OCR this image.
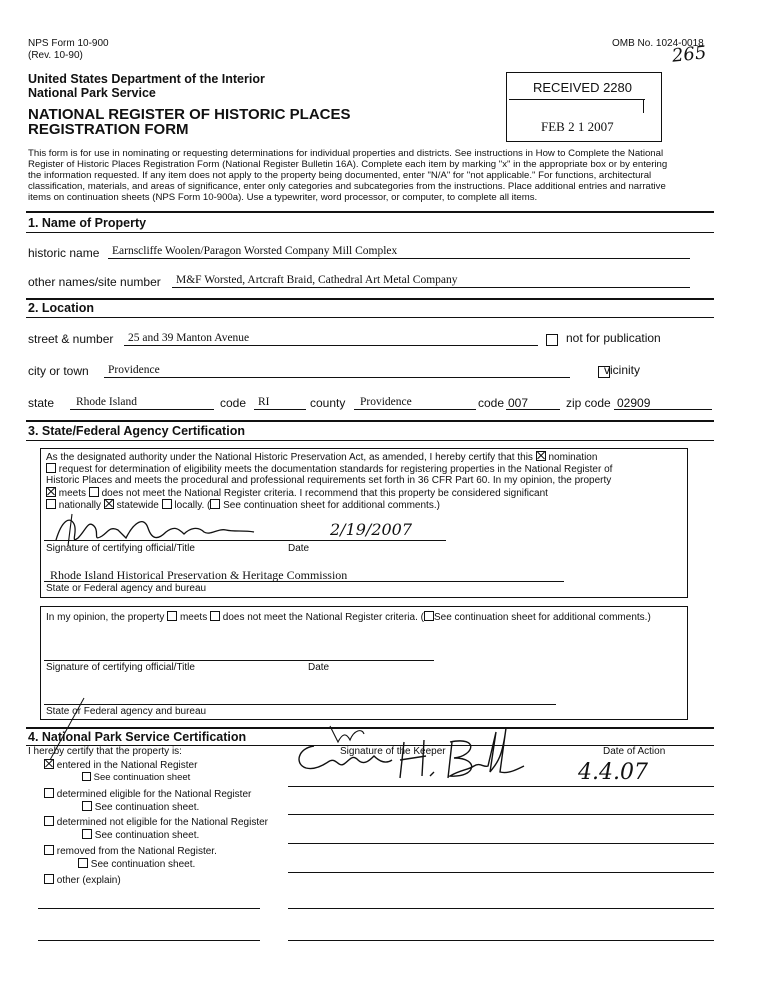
NPS Form 10-900
(Rev. 10-90)
OMB No. 1024-0018
265
United States Department of the Interior
National Park Service
NATIONAL REGISTER OF HISTORIC PLACES
REGISTRATION FORM
RECEIVED 2280
FEB 2 1 2007
This form is for use in nominating or requesting determinations for individual properties and districts. See instructions in How to Complete the National
Register of Historic Places Registration Form (National Register Bulletin 16A). Complete each item by marking "x" in the appropriate box or by entering
the information requested. If any item does not apply to the property being documented, enter "N/A" for "not applicable." For functions, architectural
classification, materials, and areas of significance, enter only categories and subcategories from the instructions. Place additional entries and narrative
items on continuation sheets (NPS Form 10-900a). Use a typewriter, word processor, or computer, to complete all items.
1. Name of Property
historic name Earnscliffe Woolen/Paragon Worsted Company Mill Complex
other names/site number M&F Worsted, Artcraft Braid, Cathedral Art Metal Company
2. Location
street & number 25 and 39 Manton Avenue
	not for publication
city or town Providence	vicinity
state Rhode Island	code RI	county Providence	code 007	zip code 02909
3. State/Federal Agency Certification
As the designated authority under the National Historic Preservation Act, as amended, I hereby certify that this nomination
request for determination of eligibility meets the documentation standards for registering properties in the National Register of
Historic Places and meets the procedural and professional requirements set forth in 36 CFR Part 60. In my opinion, the property
meets does not meet the National Register criteria. I recommend that this property be considered significant
nationally statewide locally. ( See continuation sheet for additional comments.)
2/19/2007
Signature of certifying official/Title	Date
Rhode Island Historical Preservation & Heritage Commission
State or Federal agency and bureau
In my opinion, the property meets does not meet the National Register criteria. ( See continuation sheet for additional comments.)
Signature of certifying official/Title	Date
State or Federal agency and bureau
4. National Park Service Certification
I hereby certify that the property is:	Signature of the Keeper	Date of Action
4.4.07
entered in the National Register
See continuation sheet
determined eligible for the National Register
See continuation sheet.
determined not eligible for the National Register
See continuation sheet.
removed from the National Register.
See continuation sheet.
other (explain)
